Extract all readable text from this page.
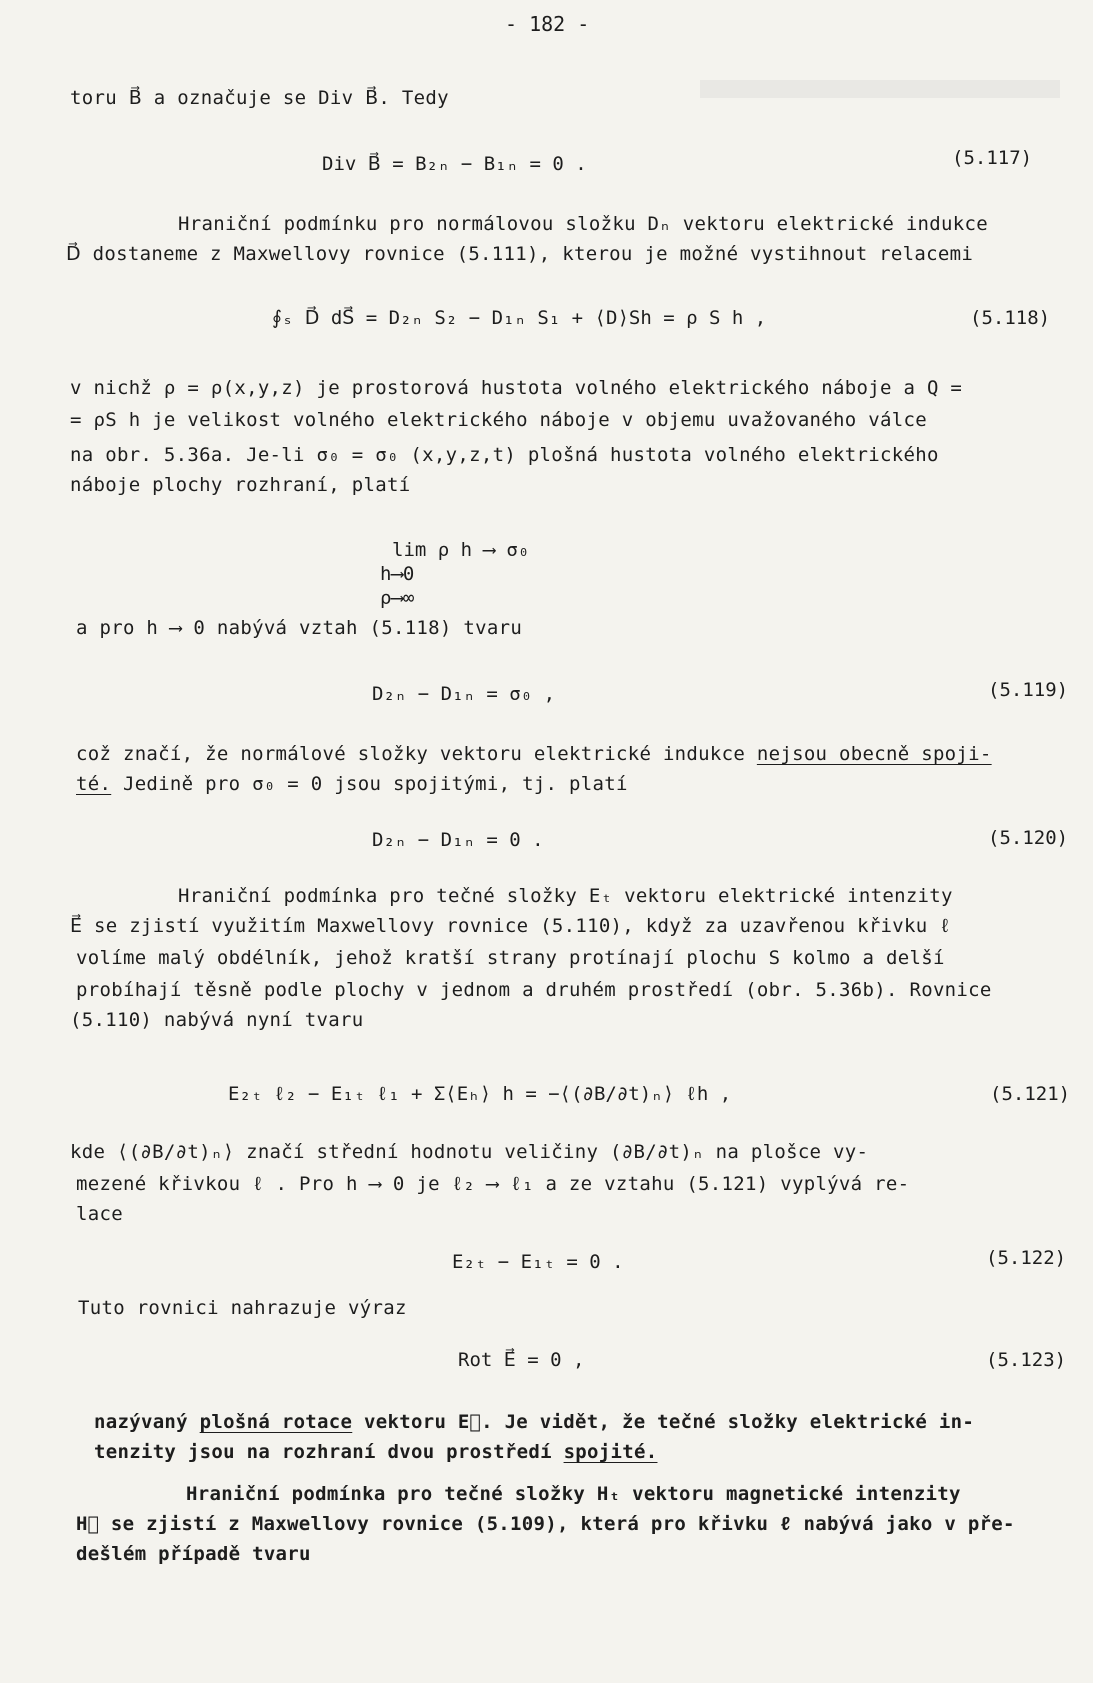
- 182 -
toru B⃗ a označuje se Div B⃗. Tedy
Div B⃗ = B₂ₙ − B₁ₙ = 0 .	(5.117)
Hraniční podmínku pro normálovou složku Dₙ vektoru elektrické indukce
D⃗ dostaneme z Maxwellovy rovnice (5.111), kterou je možné vystihnout relacemi
∮ₛ D⃗ dS⃗ = D₂ₙ S₂ − D₁ₙ S₁ + ⟨D⟩Sh = ρ S h ,	(5.118)
v nichž ρ = ρ(x,y,z) je prostorová hustota volného elektrického náboje a Q =
= ρS h je velikost volného elektrického náboje v objemu uvažovaného válce
na obr. 5.36a. Je-li σ₀ = σ₀ (x,y,z,t) plošná hustota volného elektrického
náboje plochy rozhraní, platí
lim ρ h ⟶ σ₀
h⟶0
ρ⟶∞
a pro h ⟶ 0 nabývá vztah (5.118) tvaru
D₂ₙ − D₁ₙ = σ₀ ,	(5.119)
což značí, že normálové složky vektoru elektrické indukce nejsou obecně spoji-
té. Jedině pro σ₀ = 0 jsou spojitými, tj. platí
D₂ₙ − D₁ₙ = 0 .	(5.120)
Hraniční podmínka pro tečné složky Eₜ vektoru elektrické intenzity
E⃗ se zjistí využitím Maxwellovy rovnice (5.110), když za uzavřenou křivku ℓ
volíme malý obdélník, jehož kratší strany protínají plochu S kolmo a delší
probíhají těsně podle plochy v jednom a druhém prostředí (obr. 5.36b). Rovnice
(5.110) nabývá nyní tvaru
E₂ₜ ℓ₂ − E₁ₜ ℓ₁ + Σ⟨Eₕ⟩ h = −⟨(∂B/∂t)ₙ⟩ ℓh ,	(5.121)
kde ⟨(∂B/∂t)ₙ⟩ značí střední hodnotu veličiny (∂B/∂t)ₙ na plošce vy-
mezené křivkou ℓ . Pro h ⟶ 0 je ℓ₂ ⟶ ℓ₁ a ze vztahu (5.121) vyplývá re-
lace
E₂ₜ − E₁ₜ = 0 .	(5.122)
Tuto rovnici nahrazuje výraz
Rot E⃗ = 0 ,	(5.123)
nazývaný plošná rotace vektoru E⃗. Je vidět, že tečné složky elektrické in-
tenzity jsou na rozhraní dvou prostředí spojité.
Hraniční podmínka pro tečné složky Hₜ vektoru magnetické intenzity
H⃗ se zjistí z Maxwellovy rovnice (5.109), která pro křivku ℓ nabývá jako v pře-
dešlém případě tvaru
